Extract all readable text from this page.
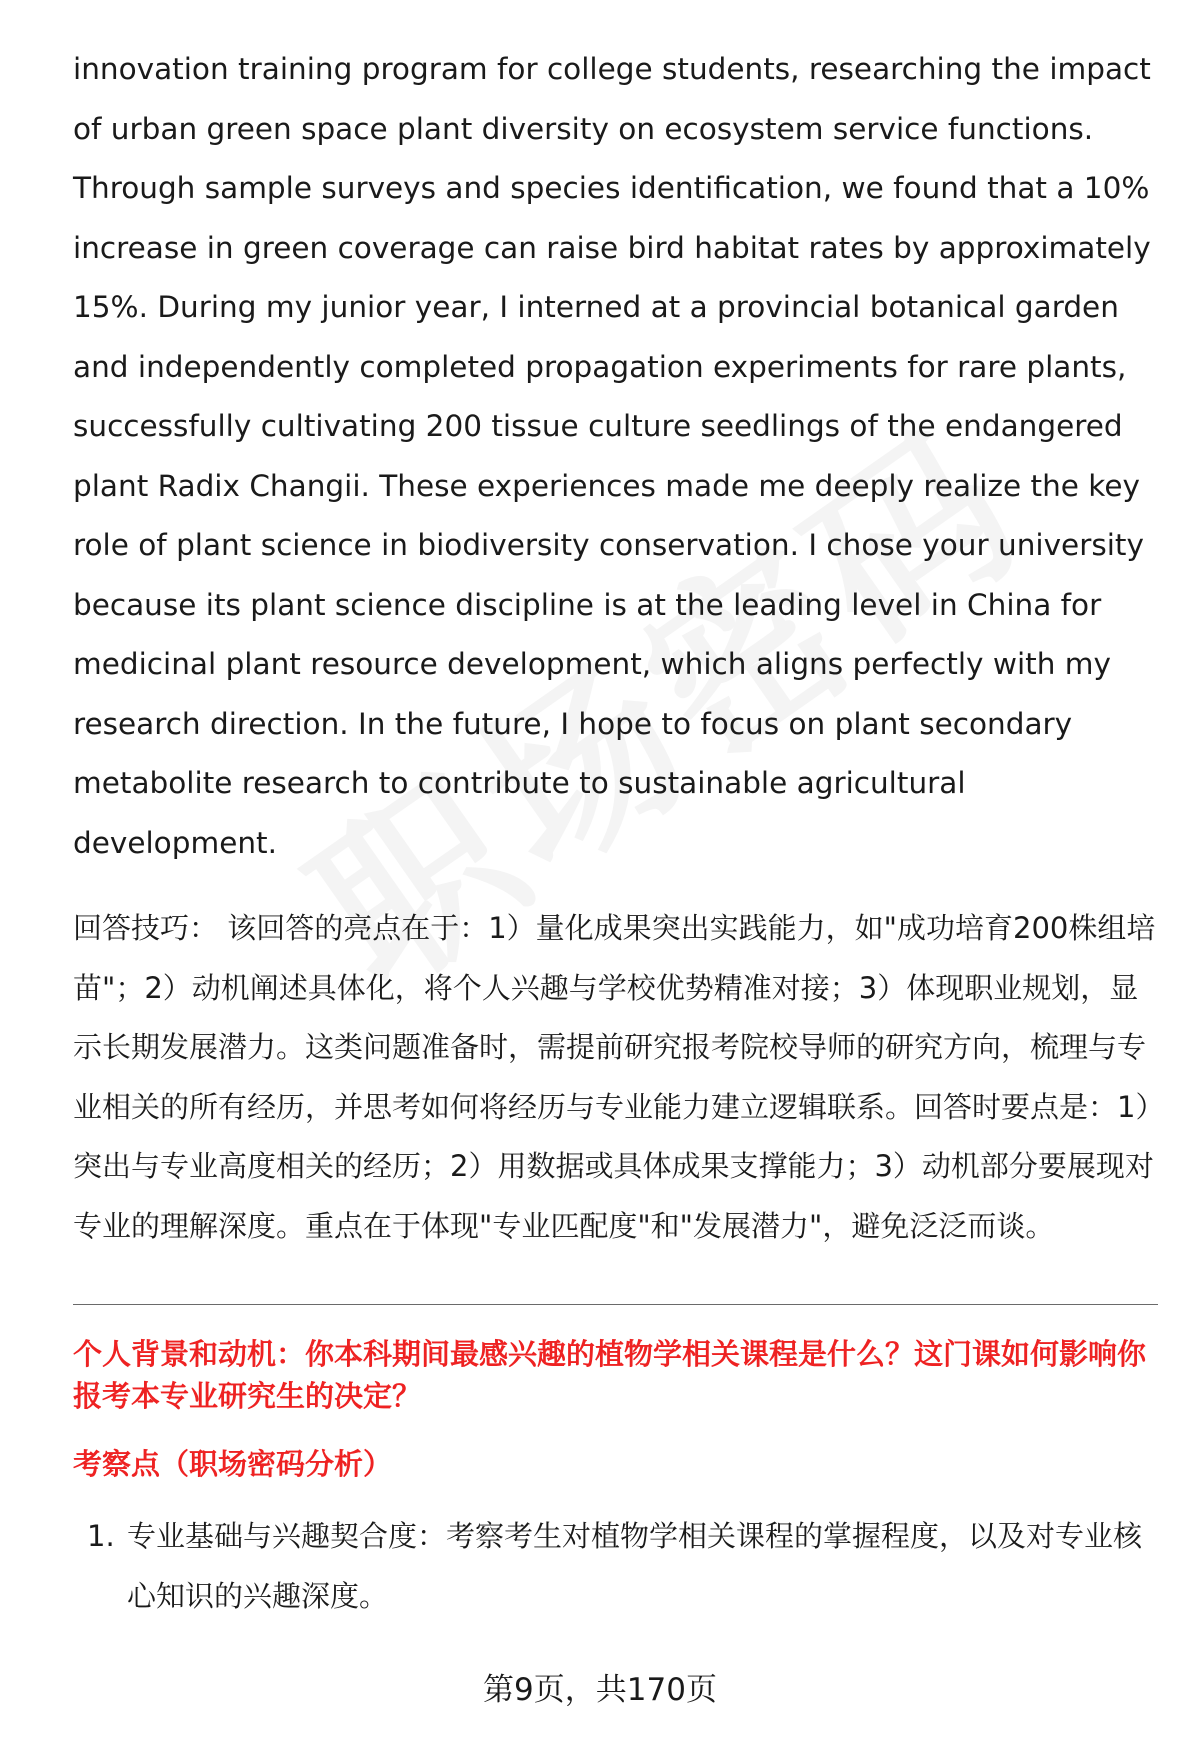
innovation training program for college students, researching the impact of urban green space plant diversity on ecosystem service functions. Through sample surveys and species identification, we found that a 10% increase in green coverage can raise bird habitat rates by approximately 15%. During my junior year, I interned at a provincial botanical garden and independently completed propagation experiments for rare plants, successfully cultivating 200 tissue culture seedlings of the endangered plant Radix Changii. These experiences made me deeply realize the key role of plant science in biodiversity conservation. I chose your university because its plant science discipline is at the leading level in China for medicinal plant resource development, which aligns perfectly with my research direction. In the future, I hope to focus on plant secondary metabolite research to contribute to sustainable agricultural development.

回答技巧： 该回答的亮点在于：1）量化成果突出实践能力，如"成功培育200株组培苗"；2）动机阐述具体化，将个人兴趣与学校优势精准对接；3）体现职业规划，显示长期发展潜力。这类问题准备时，需提前研究报考院校导师的研究方向，梳理与专业相关的所有经历，并思考如何将经历与专业能力建立逻辑联系。回答时要点是：1）突出与专业高度相关的经历；2）用数据或具体成果支撑能力；3）动机部分要展现对专业的理解深度。重点在于体现"专业匹配度"和"发展潜力"，避免泛泛而谈。

个人背景和动机：你本科期间最感兴趣的植物学相关课程是什么？这门课如何影响你报考本专业研究生的决定？

考察点（职场密码分析）

1. 专业基础与兴趣契合度：考察考生对植物学相关课程的掌握程度，以及对专业核心知识的兴趣深度。
第9页，共170页
